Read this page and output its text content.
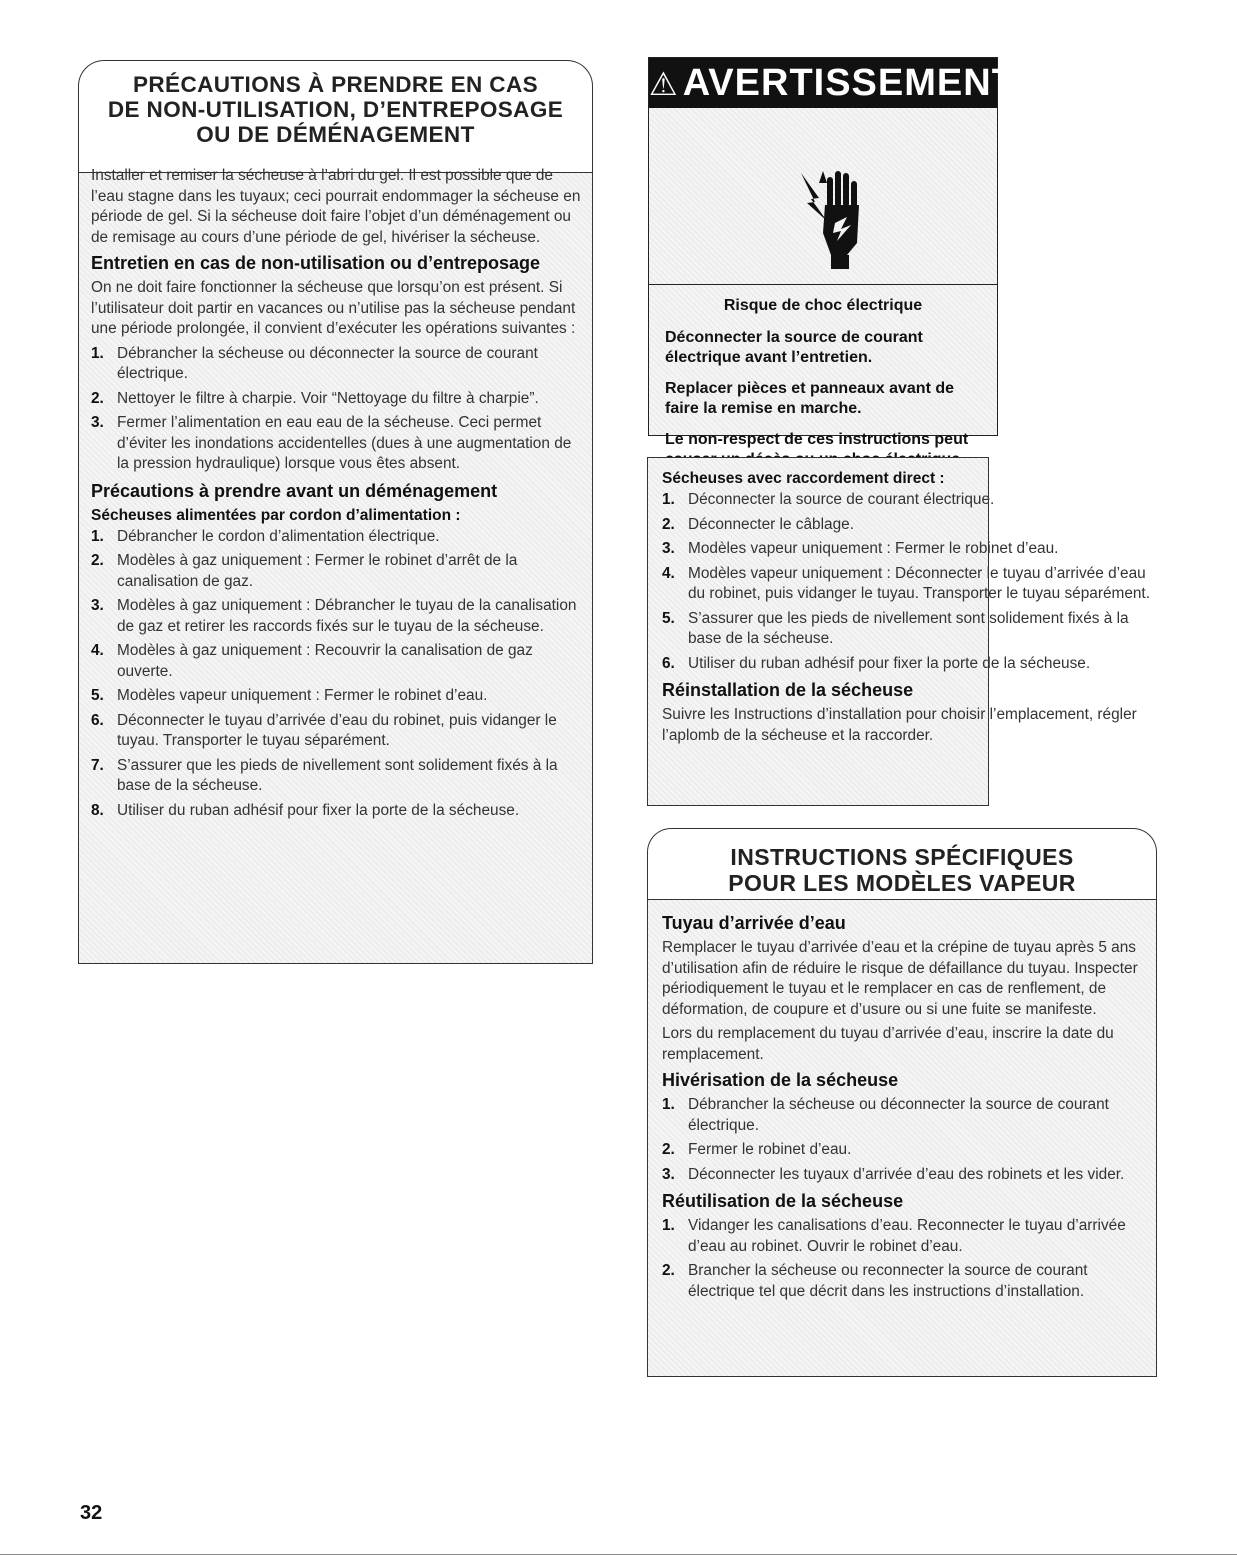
PRÉCAUTIONS À PRENDRE EN CAS
DE NON-UTILISATION, D’ENTREPOSAGE
OU DE DÉMÉNAGEMENT

Installer et remiser la sécheuse à l’abri du gel. Il est possible que de l’eau stagne dans les tuyaux; ceci pourrait endommager la sécheuse en période de gel. Si la sécheuse doit faire l’objet d’un déménagement ou de remisage au cours d’une période de gel, hivériser la sécheuse.

Entretien en cas de non-utilisation ou d’entreposage

On ne doit faire fonctionner la sécheuse que lorsqu’on est présent. Si l’utilisateur doit partir en vacances ou n’utilise pas la sécheuse pendant une période prolongée, il convient d’exécuter les opérations suivantes :

1. Débrancher la sécheuse ou déconnecter la source de courant électrique.
2. Nettoyer le filtre à charpie. Voir “Nettoyage du filtre à charpie”.
3. Fermer l’alimentation en eau eau de la sécheuse. Ceci permet d’éviter les inondations accidentelles (dues à une augmentation de la pression hydraulique) lorsque vous êtes absent.
Précautions à prendre avant un déménagement
Sécheuses alimentées par cordon d’alimentation :
1. Débrancher le cordon d’alimentation électrique.
2. Modèles à gaz uniquement : Fermer le robinet d’arrêt de la canalisation de gaz.
3. Modèles à gaz uniquement : Débrancher le tuyau de la canalisation de gaz et retirer les raccords fixés sur le tuyau de la sécheuse.
4. Modèles à gaz uniquement : Recouvrir la canalisation de gaz ouverte.
5. Modèles vapeur uniquement : Fermer le robinet d’eau.
6. Déconnecter le tuyau d’arrivée d’eau du robinet, puis vidanger le tuyau. Transporter le tuyau séparément.
7. S’assurer que les pieds de nivellement sont solidement fixés à la base de la sécheuse.
8. Utiliser du ruban adhésif pour fixer la porte de la sécheuse.
⚠ AVERTISSEMENT
Risque de choc électrique

Déconnecter la source de courant électrique avant l’entretien.

Replacer pièces et panneaux avant de faire la remise en marche.

Le non-respect de ces instructions peut

Sécheuses avec raccordement direct :
1. Déconnecter la source de courant électrique.
2. Déconnecter le câblage.
3. Modèles vapeur uniquement : Fermer le robinet d’eau.
4. Modèles vapeur uniquement : Déconnecter le tuyau d’arrivée d’eau du robinet, puis vidanger le tuyau. Transporter le tuyau séparément.
5. S’assurer que les pieds de nivellement sont solidement fixés à la base de la sécheuse.
6. Utiliser du ruban adhésif pour fixer la porte de la sécheuse.
Réinstallation de la sécheuse

Suivre les Instructions d’installation pour choisir l’emplacement, régler l’aplomb de la sécheuse et la raccorder.

INSTRUCTIONS SPÉCIFIQUES
POUR LES MODÈLES VAPEUR
Tuyau d’arrivée d’eau

Remplacer le tuyau d’arrivée d’eau et la crépine de tuyau après 5 ans d’utilisation afin de réduire le risque de défaillance du tuyau. Inspecter périodiquement le tuyau et le remplacer en cas de renflement, de déformation, de coupure et d’usure ou si une fuite se manifeste.

Lors du remplacement du tuyau d’arrivée d’eau, inscrire la date du remplacement.

Hivérisation de la sécheuse
1. Débrancher la sécheuse ou déconnecter la source de courant électrique.
2. Fermer le robinet d’eau.
3. Déconnecter les tuyaux d’arrivée d’eau des robinets et les vider.
Réutilisation de la sécheuse
1. Vidanger les canalisations d’eau. Reconnecter le tuyau d’arrivée d’eau au robinet. Ouvrir le robinet d’eau.
2. Brancher la sécheuse ou reconnecter la source de courant électrique tel que décrit dans les instructions d’installation.
32
